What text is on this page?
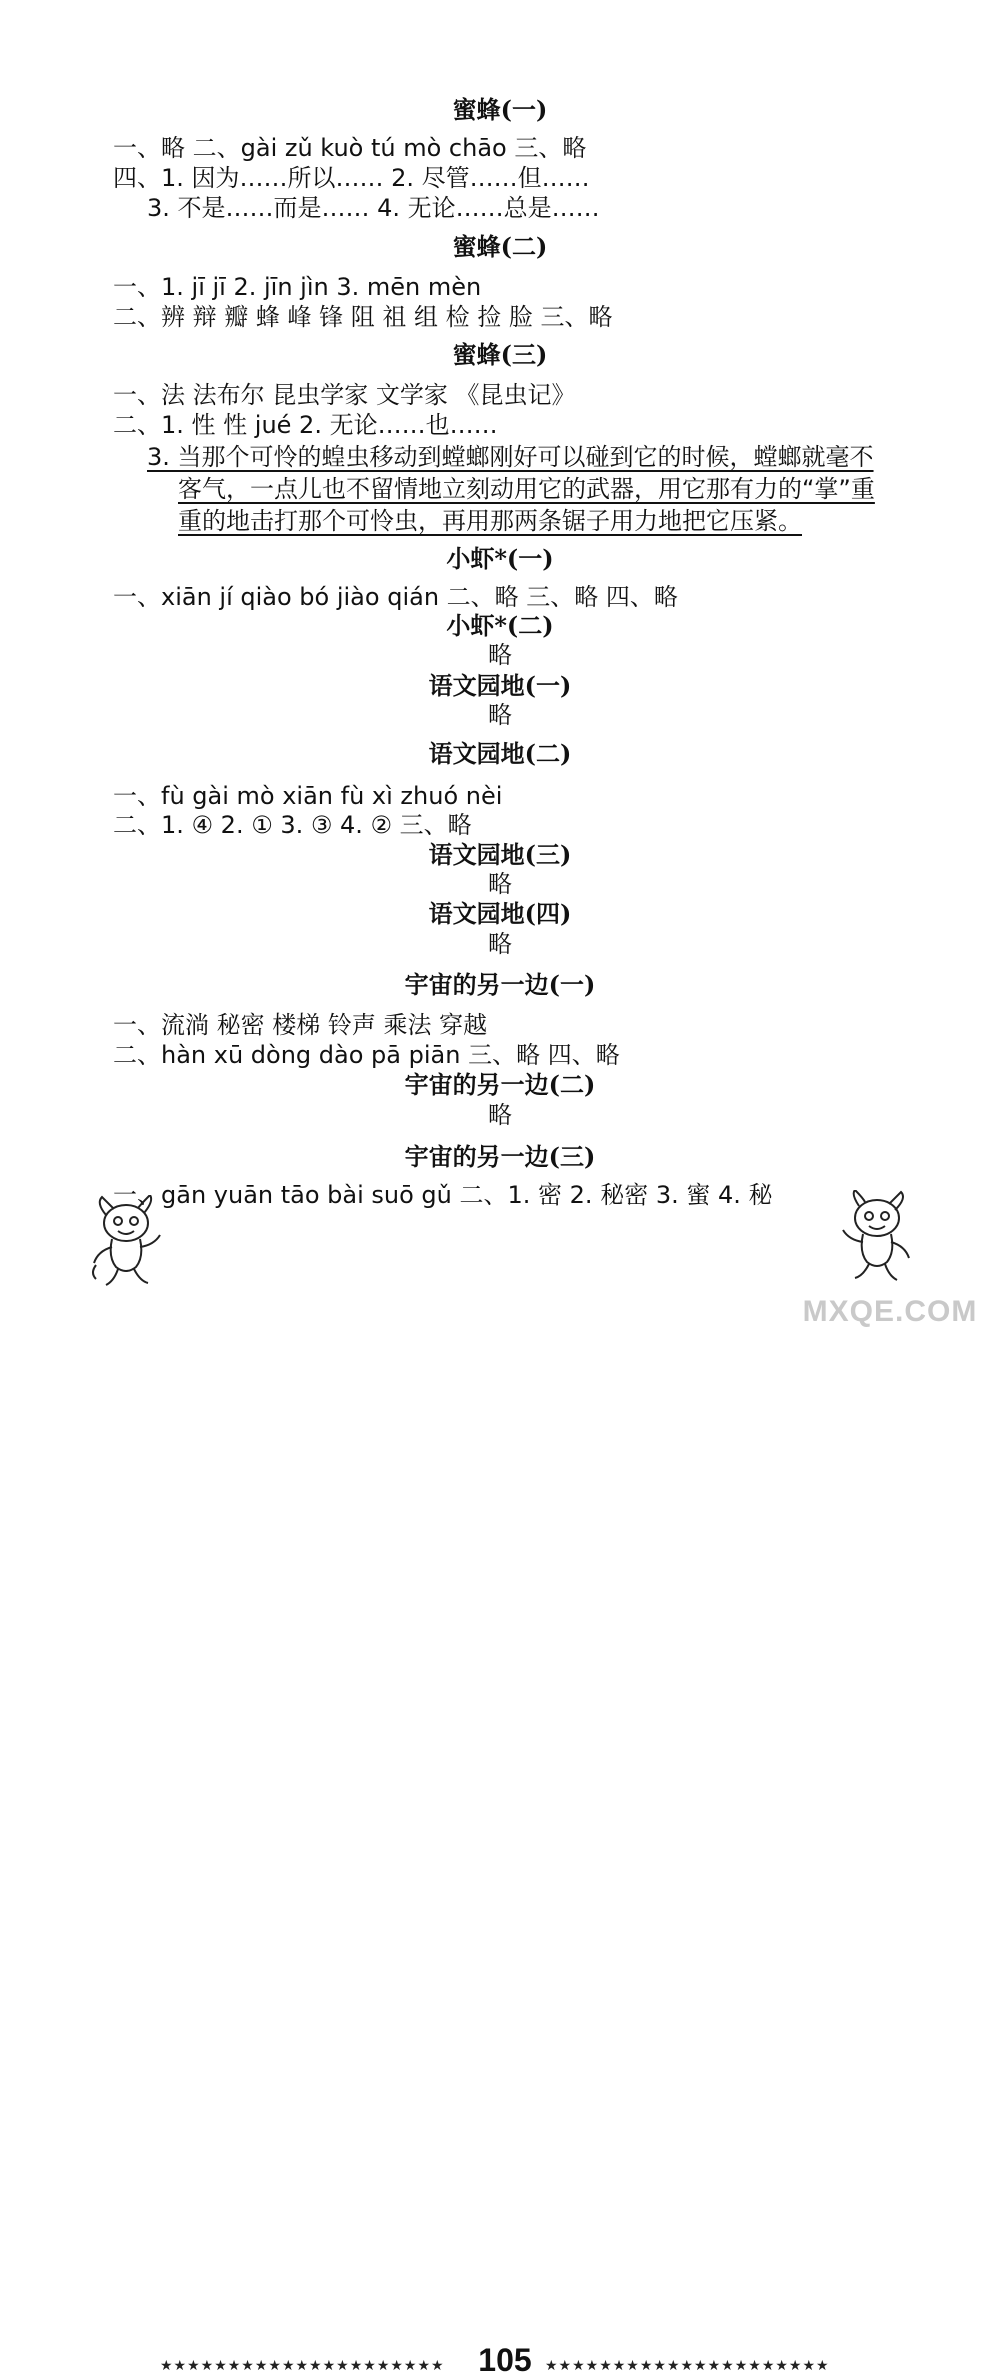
蜜蜂(一)
一、略 二、gài zǔ kuò tú mò chāo 三、略
四、1. 因为……所以…… 2. 尽管……但……
3. 不是……而是…… 4. 无论……总是……
蜜蜂(二)
一、1. jī jī 2. jīn jìn 3. mēn mèn
二、辨 辩 瓣 蜂 峰 锋 阻 祖 组 检 捡 脸 三、略
蜜蜂(三)
一、法 法布尔 昆虫学家 文学家 《昆虫记》
二、1. 性 性 jué 2. 无论……也……
3. 当那个可怜的蝗虫移动到螳螂刚好可以碰到它的时候，螳螂就毫不
客气，一点儿也不留情地立刻动用它的武器，用它那有力的“掌”重
重的地击打那个可怜虫，再用那两条锯子用力地把它压紧。
小虾*(一)
一、xiān jí qiào bó jiào qián 二、略 三、略 四、略
小虾*(二)
略
语文园地(一)
略
语文园地(二)
一、fù gài mò xiān fù xì zhuó nèi
二、1. ④ 2. ① 3. ③ 4. ② 三、略
语文园地(三)
略
语文园地(四)
略
宇宙的另一边(一)
一、流淌 秘密 楼梯 铃声 乘法 穿越
二、hàn xū dòng dào pā piān 三、略 四、略
宇宙的另一边(二)
略
宇宙的另一边(三)
一、gān yuān tāo bài suō gǔ 二、1. 密 2. 秘密 3. 蜜 4. 秘
★★★★★★★★★★★★★★★★★★★★★ 105 ★★★★★★★★★★★★★★★★★★★★★
MXQE.COM
